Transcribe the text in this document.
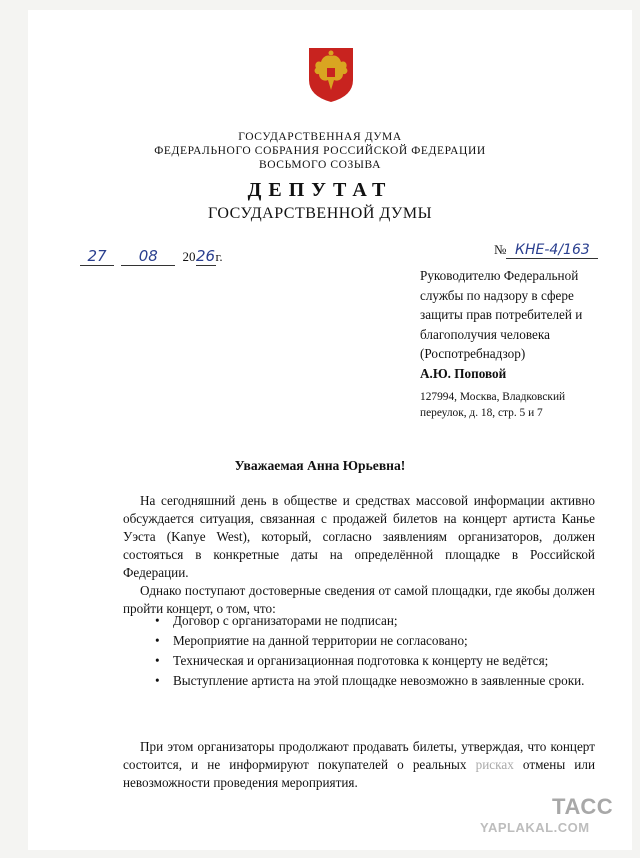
ГОСУДАРСТВЕННАЯ ДУМА
ФЕДЕРАЛЬНОГО СОБРАНИЯ РОССИЙСКОЙ ФЕДЕРАЦИИ
ВОСЬМОГО СОЗЫВА
ДЕПУТАТ
ГОСУДАРСТВЕННОЙ ДУМЫ
27 08 2026г.	№ КНЕ-4/163
Руководителю Федеральной
службы по надзору в сфере
защиты прав потребителей и
благополучия человека
(Роспотребнадзор)
А.Ю. Поповой
127994, Москва, Владковский
переулок, д. 18, стр. 5 и 7
Уважаемая Анна Юрьевна!
На сегодняшний день в обществе и средствах массовой информации активно обсуждается ситуация, связанная с продажей билетов на концерт артиста Канье Уэста (Kanye West), который, согласно заявлениям организаторов, должен состояться в конкретные даты на определённой площадке в Российской Федерации.
Однако поступают достоверные сведения от самой площадки, где якобы должен пройти концерт, о том, что:
• Договор с организаторами не подписан;
• Мероприятие на данной территории не согласовано;
• Техническая и организационная подготовка к концерту не ведётся;
• Выступление артиста на этой площадке невозможно в заявленные сроки.
При этом организаторы продолжают продавать билеты, утверждая, что концерт состоится, и не информируют покупателей о реальных рисках отмены или невозможности проведения мероприятия.
ТАСС
YAPLAKAL.COM
